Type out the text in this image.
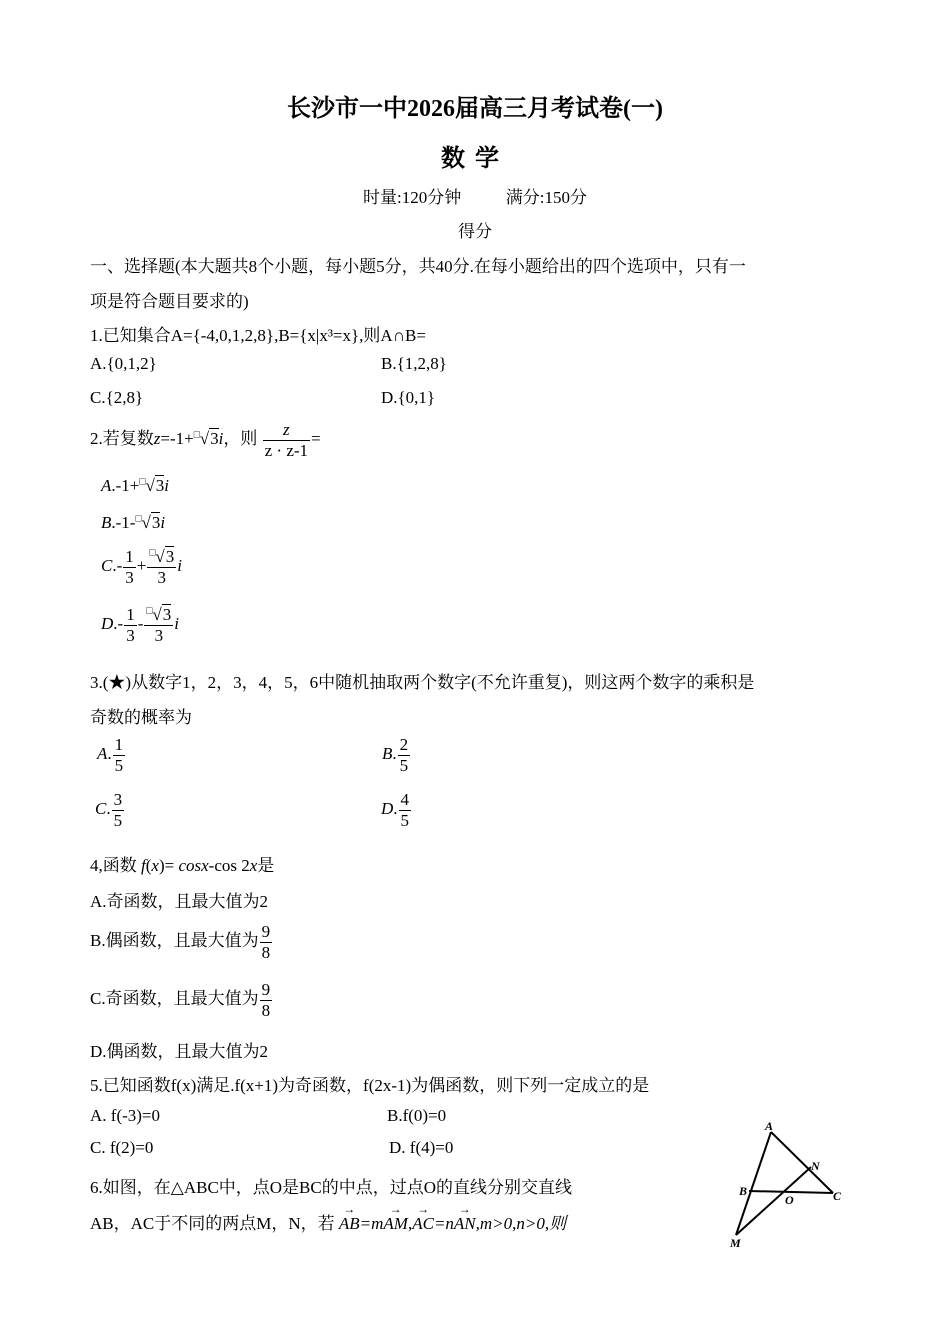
长沙市一中2026届高三月考试卷(一)
数学
时量:120分钟	满分:150分
得分
一、选择题(本大题共8个小题，每小题5分，共40分.在每小题给出的四个选项中，只有一
项是符合题目要求的)
1.已知集合A={-4,0,1,2,8},B={x|x³=x},则A∩B=
A.{0,1,2}	B.{1,2,8}
C.{2,8}	D.{0,1}
2.若复数z=-1+□√3i，则 $\frac{z}{z \cdot z-1}$ =
A.-1+□√3i
B.-1-□√3i
$C.- \frac{1}{3} + \frac{^□√3}{3}$ i
$D.- \frac{1}{3} - \frac{^□√3}{3}$ i
3.(★)从数字1，2，3，4，5，6中随机抽取两个数字(不允许重复)，则这两个数字的乘积是
奇数的概率为
A. $\frac{1}{5}$	B. $\frac{2}{5}$
C. $\frac{3}{5}$	D. $\frac{4}{5}$
4,函数 f(x)= cosx-cos 2x是
A.奇函数，且最大值为2
B.偶函数，且最大值为 $\frac{9}{8}$
C.奇函数，且最大值为 $\frac{9}{8}$
D.偶函数，且最大值为2
5.已知函数f(x)满足.f(x+1)为奇函数，f(2x-1)为偶函数，则下列一定成立的是
A. f(-3)=0	B.f(0)=0
C. f(2)=0	D. f(4)=0
6.如图，在△ABC中，点O是BC的中点，过点O的直线分别交直线
AB，AC于不同的两点M，N，若 → AB=m→ AM,→ AC=n→ AN,m>0,n>0,则
A
N
B
O	C
M
